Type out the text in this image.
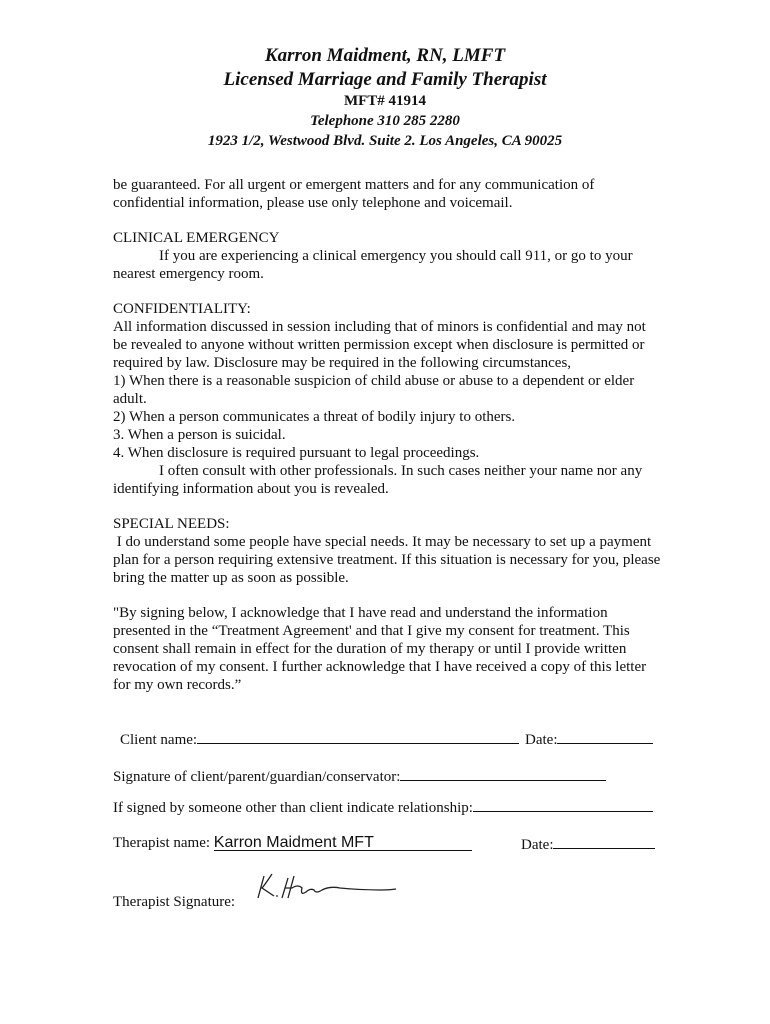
Karron Maidment, RN, LMFT
Licensed Marriage and Family Therapist
MFT# 41914
Telephone 310 285 2280
1923 1/2, Westwood Blvd. Suite 2. Los Angeles, CA 90025

be guaranteed. For all urgent or emergent matters and for any communication of confidential information, please use only telephone and voicemail.

CLINICAL EMERGENCY

If you are experiencing a clinical emergency you should call 911, or go to your nearest emergency room.

CONFIDENTIALITY:

All information discussed in session including that of minors is confidential and may not be revealed to anyone without written permission except when disclosure is permitted or required by law. Disclosure may be required in the following circumstances,

1) When there is a reasonable suspicion of child abuse or abuse to a dependent or elder adult.

2) When a person communicates a threat of bodily injury to others.

3. When a person is suicidal.

4. When disclosure is required pursuant to legal proceedings.

I often consult with other professionals. In such cases neither your name nor any identifying information about you is revealed.

SPECIAL NEEDS:

I do understand some people have special needs. It may be necessary to set up a payment plan for a person requiring extensive treatment. If this situation is necessary for you, please bring the matter up as soon as possible.

"By signing below, I acknowledge that I have read and understand the information presented in the “Treatment Agreement' and that I give my consent for treatment. This consent shall remain in effect for the duration of my therapy or until I provide written revocation of my consent. I further acknowledge that I have received a copy of this letter for my own records.”

Client name:	Date:
Signature of client/parent/guardian/conservator:
If signed by someone other than client indicate relationship:
Therapist name: Karron Maidment MFT	Date:
Therapist Signature:
